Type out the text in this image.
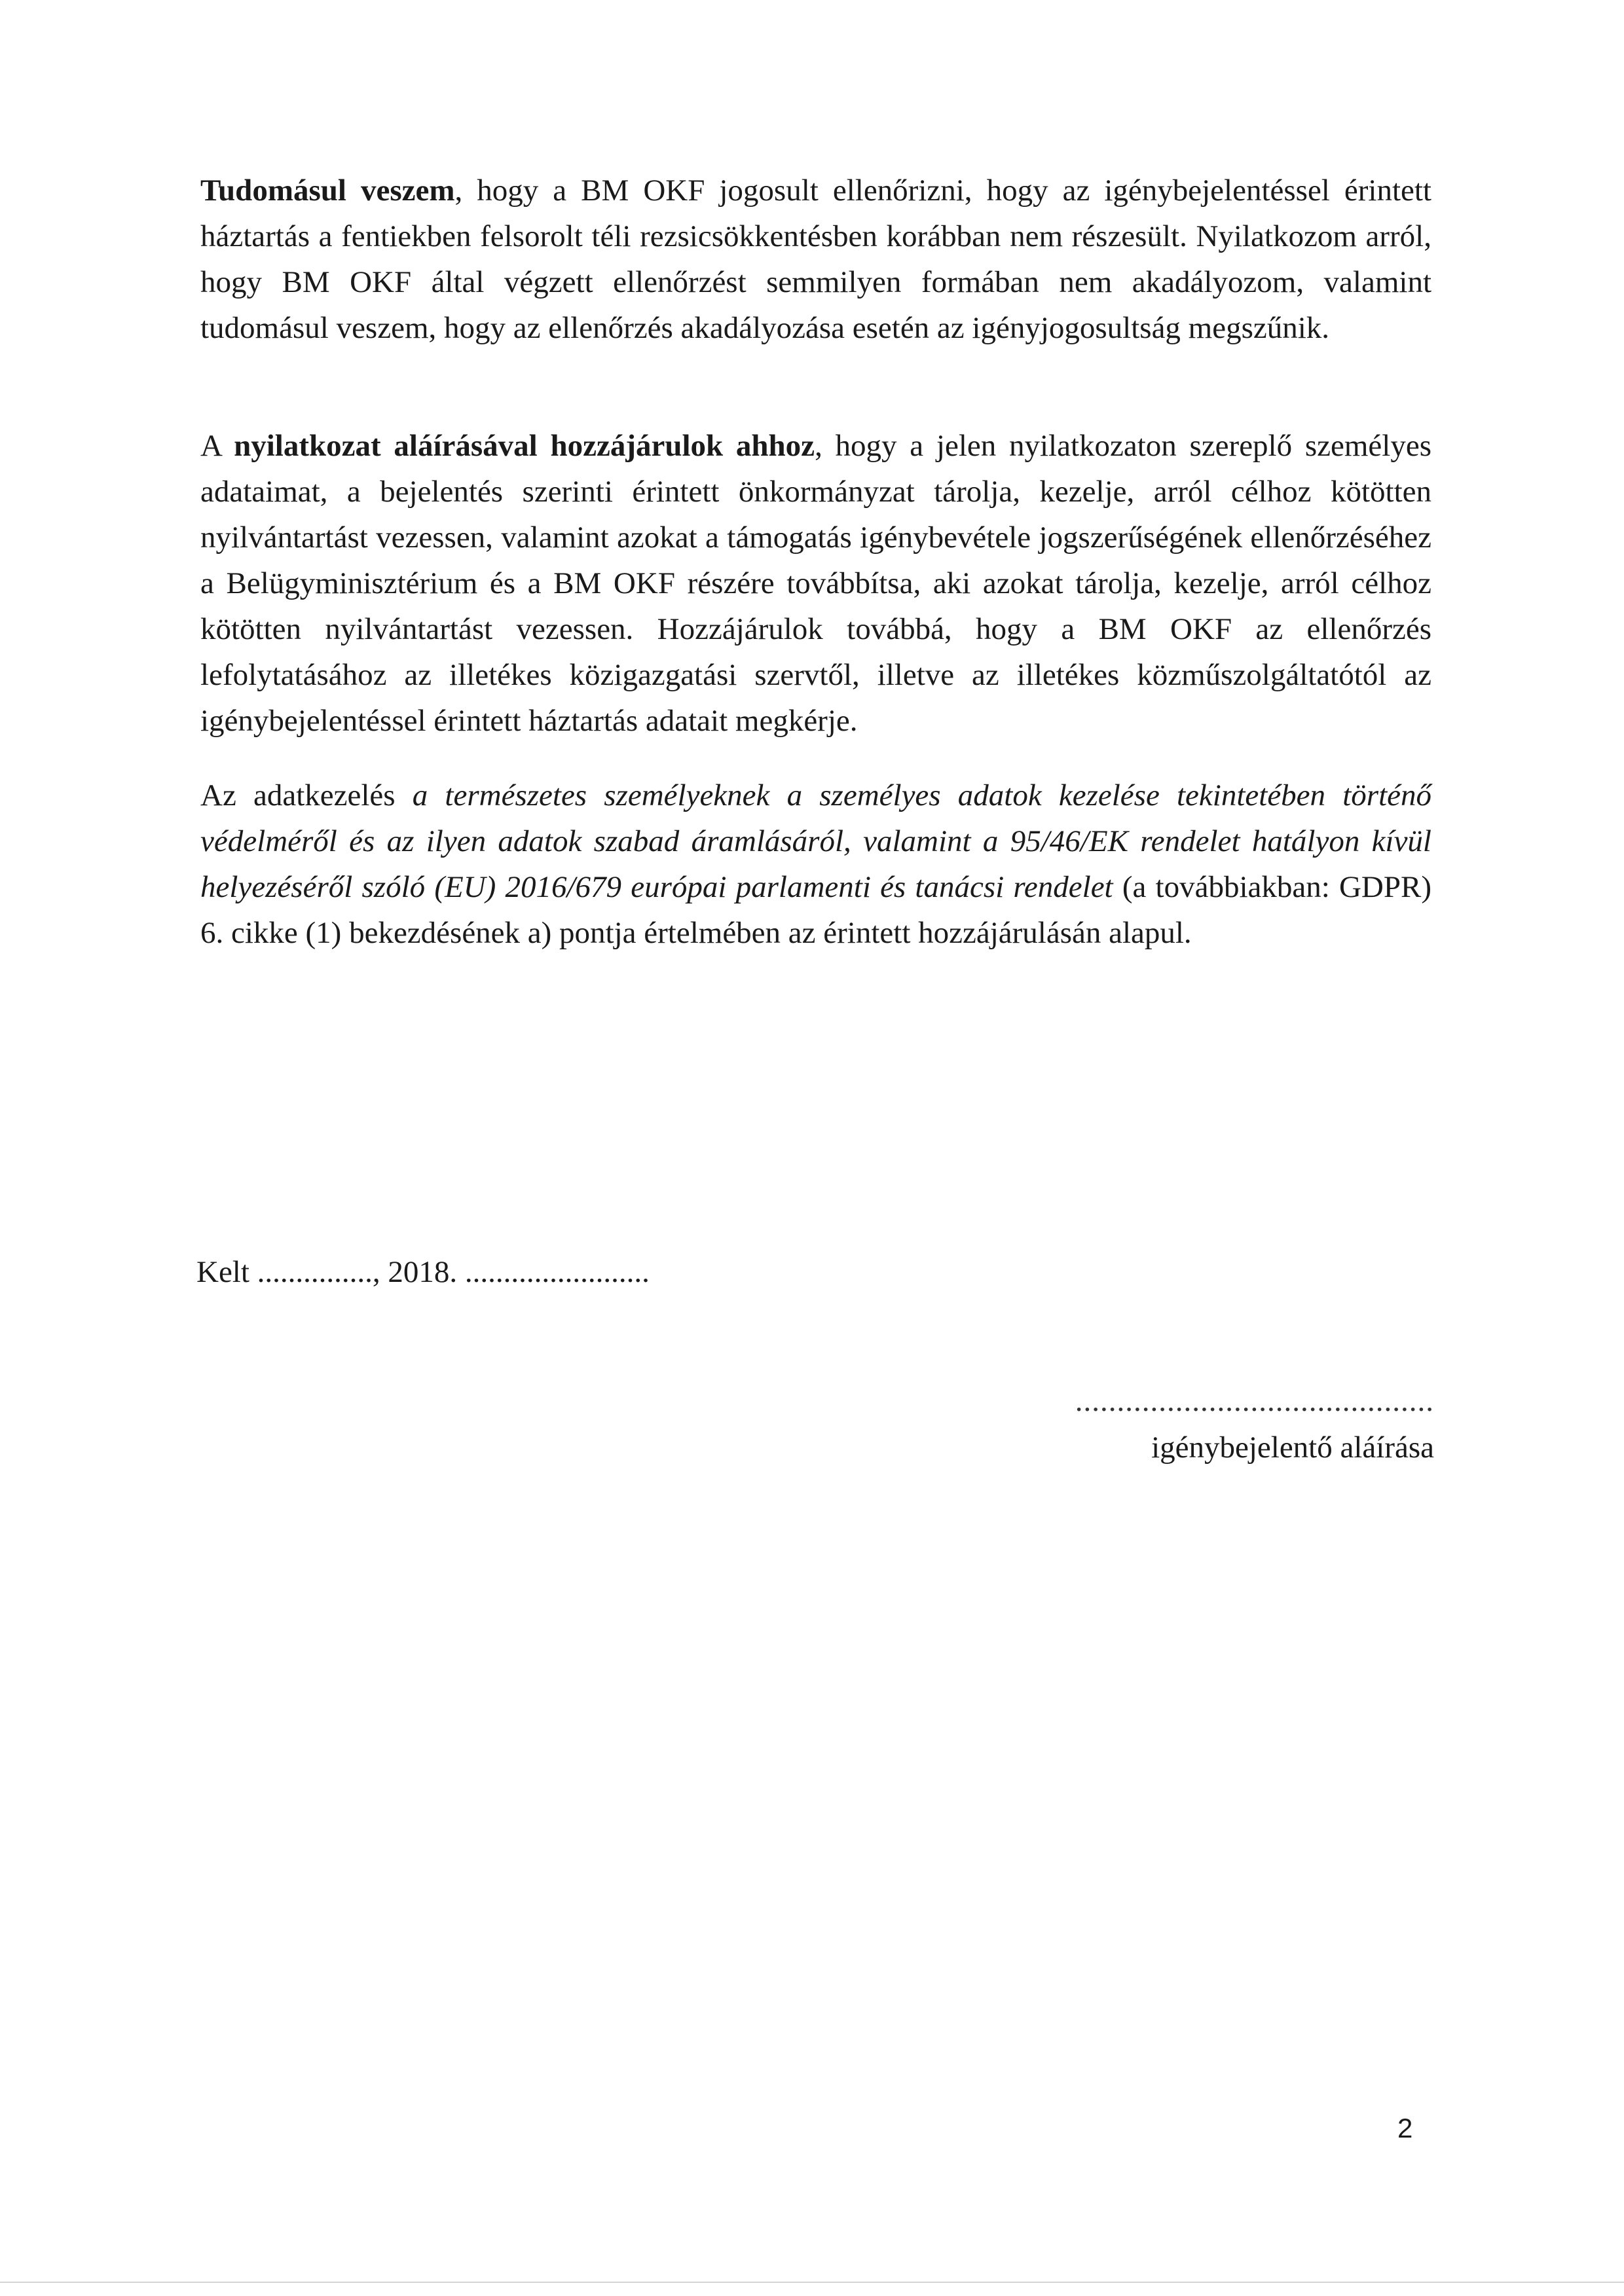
Tudomásul veszem, hogy a BM OKF jogosult ellenőrizni, hogy az igénybejelentéssel érintett háztartás a fentiekben felsorolt téli rezsicsökkentésben korábban nem részesült. Nyilatkozom arról, hogy BM OKF által végzett ellenőrzést semmilyen formában nem akadályozom, valamint tudomásul veszem, hogy az ellenőrzés akadályozása esetén az igényjogosultság megszűnik.

A nyilatkozat aláírásával hozzájárulok ahhoz, hogy a jelen nyilatkozaton szereplő személyes adataimat, a bejelentés szerinti érintett önkormányzat tárolja, kezelje, arról célhoz kötötten nyilvántartást vezessen, valamint azokat a támogatás igénybevétele jogszerűségének ellenőrzéséhez a Belügyminisztérium és a BM OKF részére továbbítsa, aki azokat tárolja, kezelje, arról célhoz kötötten nyilvántartást vezessen. Hozzájárulok továbbá, hogy a BM OKF az ellenőrzés lefolytatásához az illetékes közigazgatási szervtől, illetve az illetékes közműszolgáltatótól az igénybejelentéssel érintett háztartás adatait megkérje.

Az adatkezelés a természetes személyeknek a személyes adatok kezelése tekintetében történő védelméről és az ilyen adatok szabad áramlásáról, valamint a 95/46/EK rendelet hatályon kívül helyezéséről szóló (EU) 2016/679 európai parlamenti és tanácsi rendelet (a továbbiakban: GDPR) 6. cikke (1) bekezdésének a) pontja értelmében az érintett hozzájárulásán alapul.

Kelt ..............., 2018. ........................
...........................................
igénybejelentő aláírása
2
